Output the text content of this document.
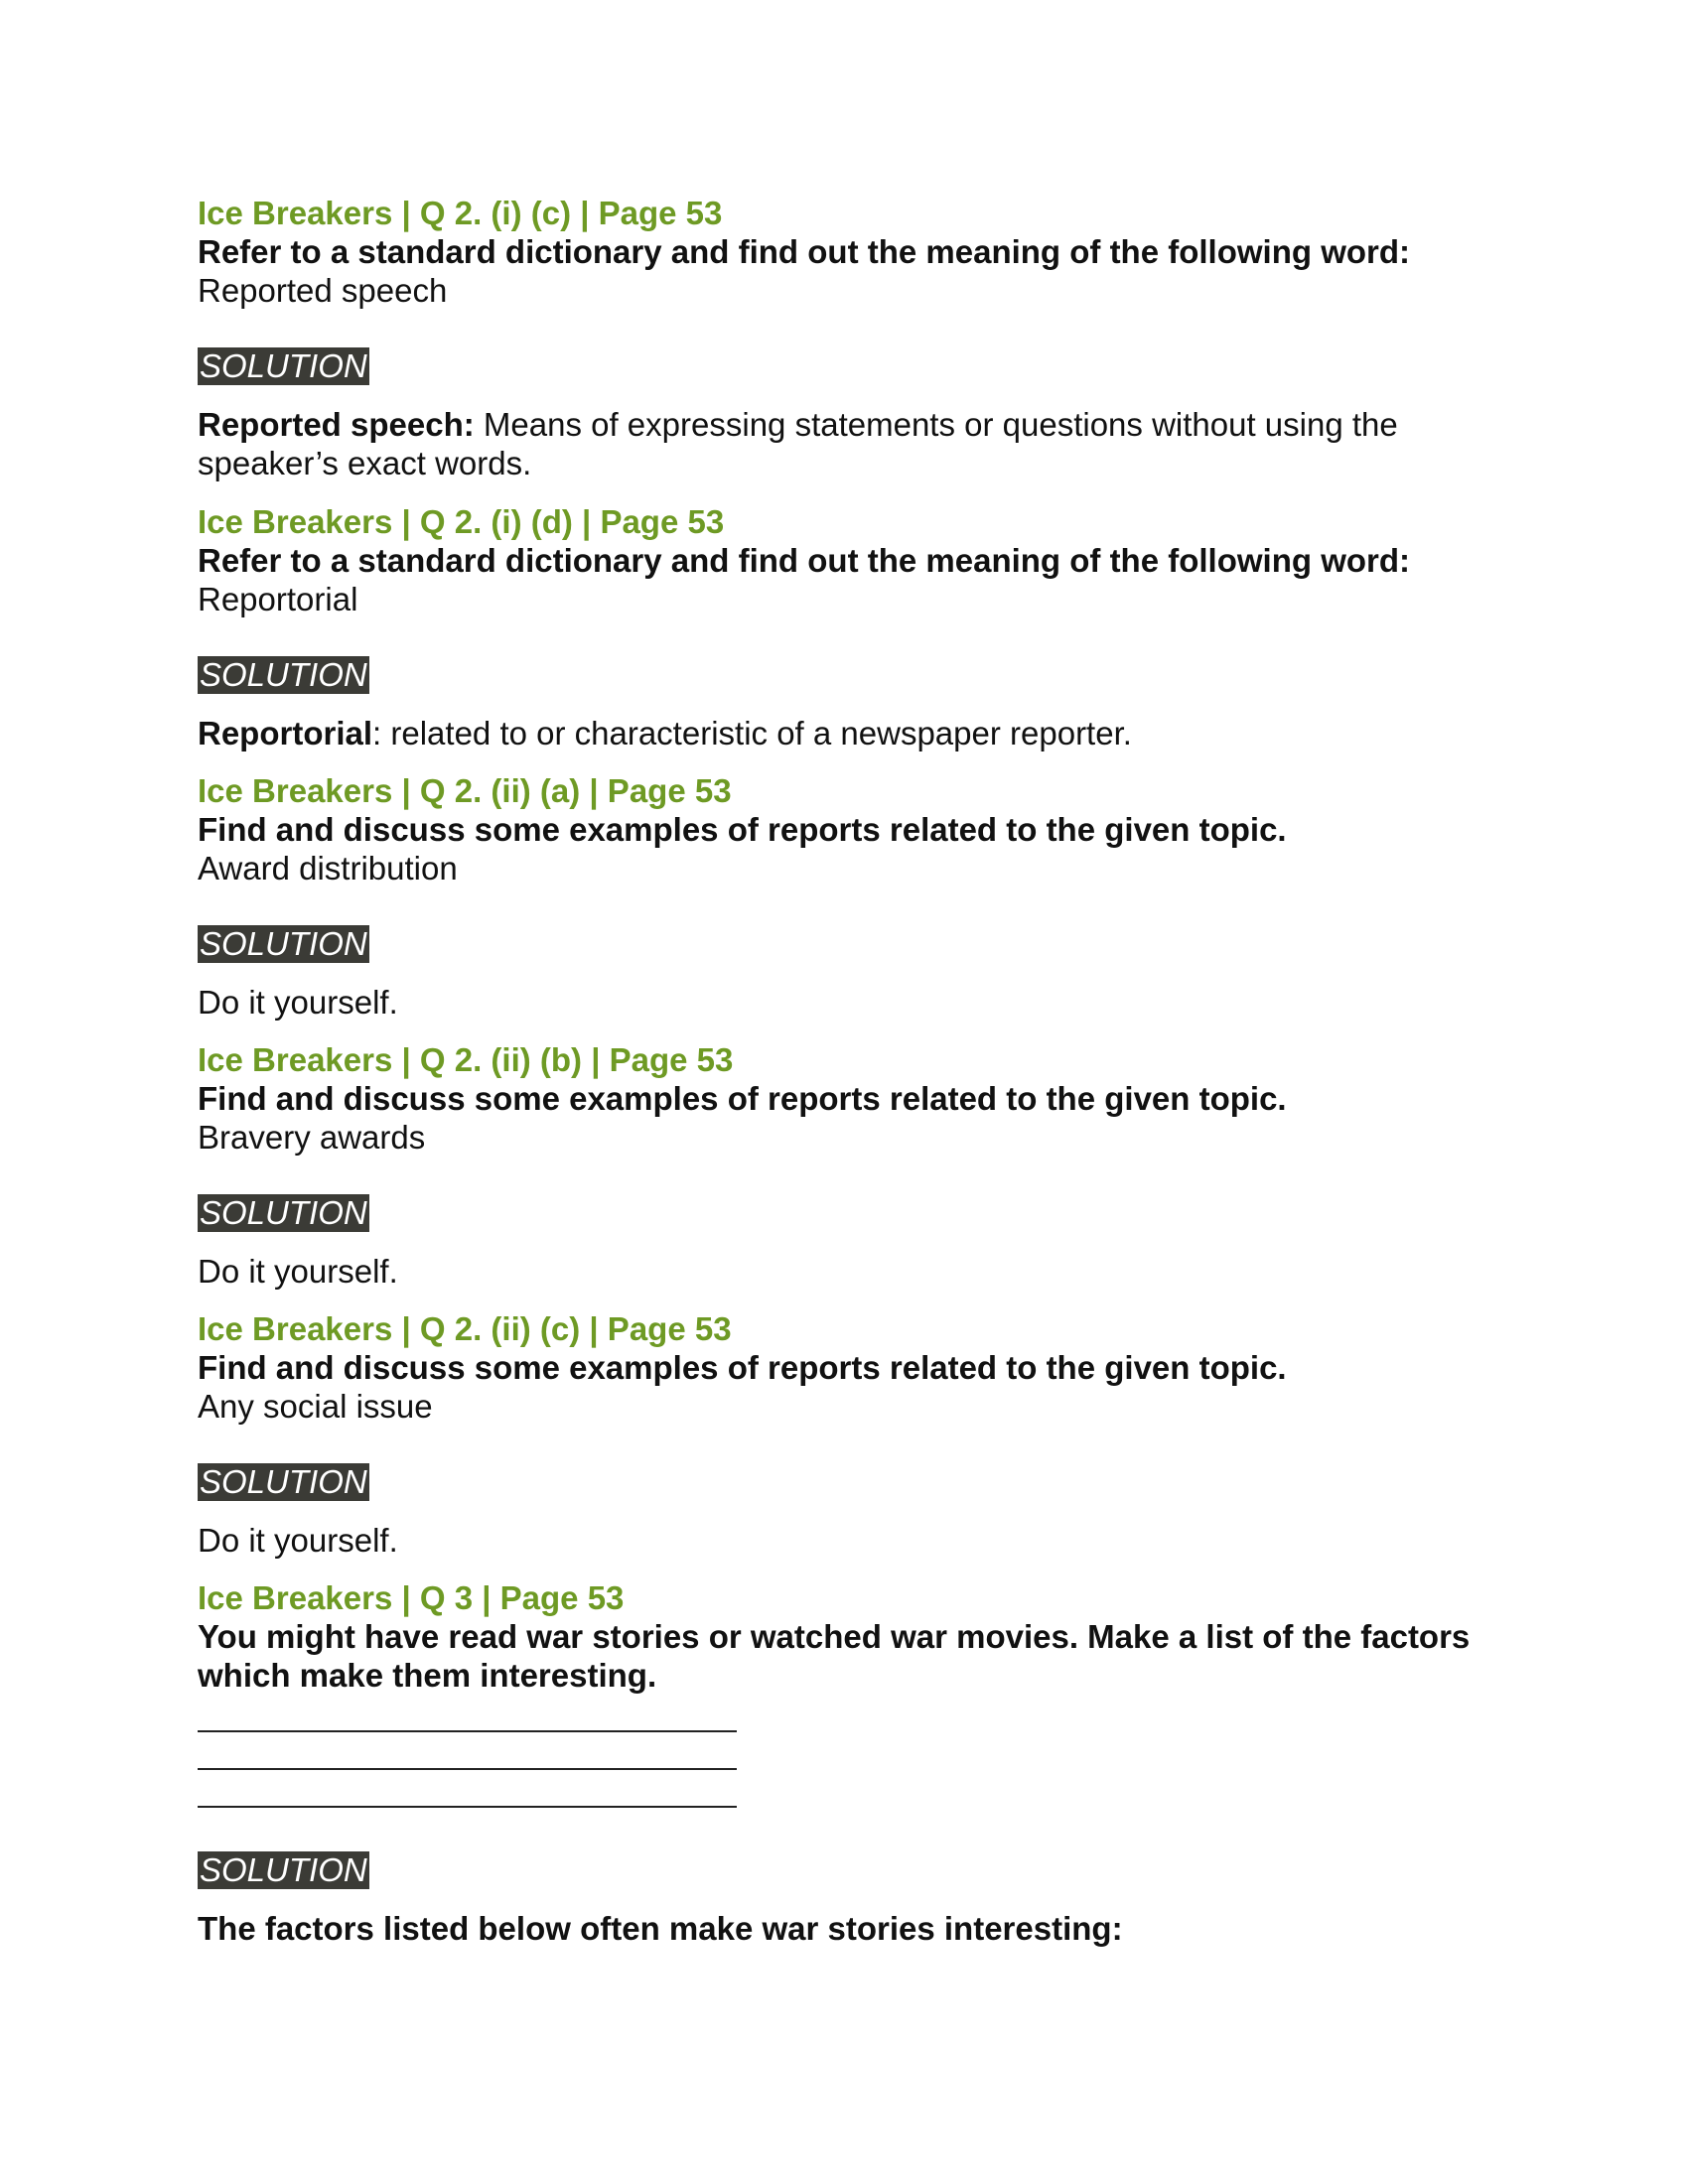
Ice Breakers | Q 2. (i) (c) | Page 53

Refer to a standard dictionary and find out the meaning of the following word:

Reported speech

SOLUTION

Reported speech: Means of expressing statements or questions without using the speaker’s exact words.

Ice Breakers | Q 2. (i) (d) | Page 53

Refer to a standard dictionary and find out the meaning of the following word:

Reportorial

SOLUTION

Reportorial: related to or characteristic of a newspaper reporter.

Ice Breakers | Q 2. (ii) (a) | Page 53

Find and discuss some examples of reports related to the given topic.

Award distribution

SOLUTION

Do it yourself.

Ice Breakers | Q 2. (ii) (b) | Page 53

Find and discuss some examples of reports related to the given topic.

Bravery awards

SOLUTION

Do it yourself.

Ice Breakers | Q 2. (ii) (c) | Page 53

Find and discuss some examples of reports related to the given topic.

Any social issue

SOLUTION

Do it yourself.

Ice Breakers | Q 3 | Page 53

You might have read war stories or watched war movies. Make a list of the factors which make them interesting.

SOLUTION

The factors listed below often make war stories interesting:
